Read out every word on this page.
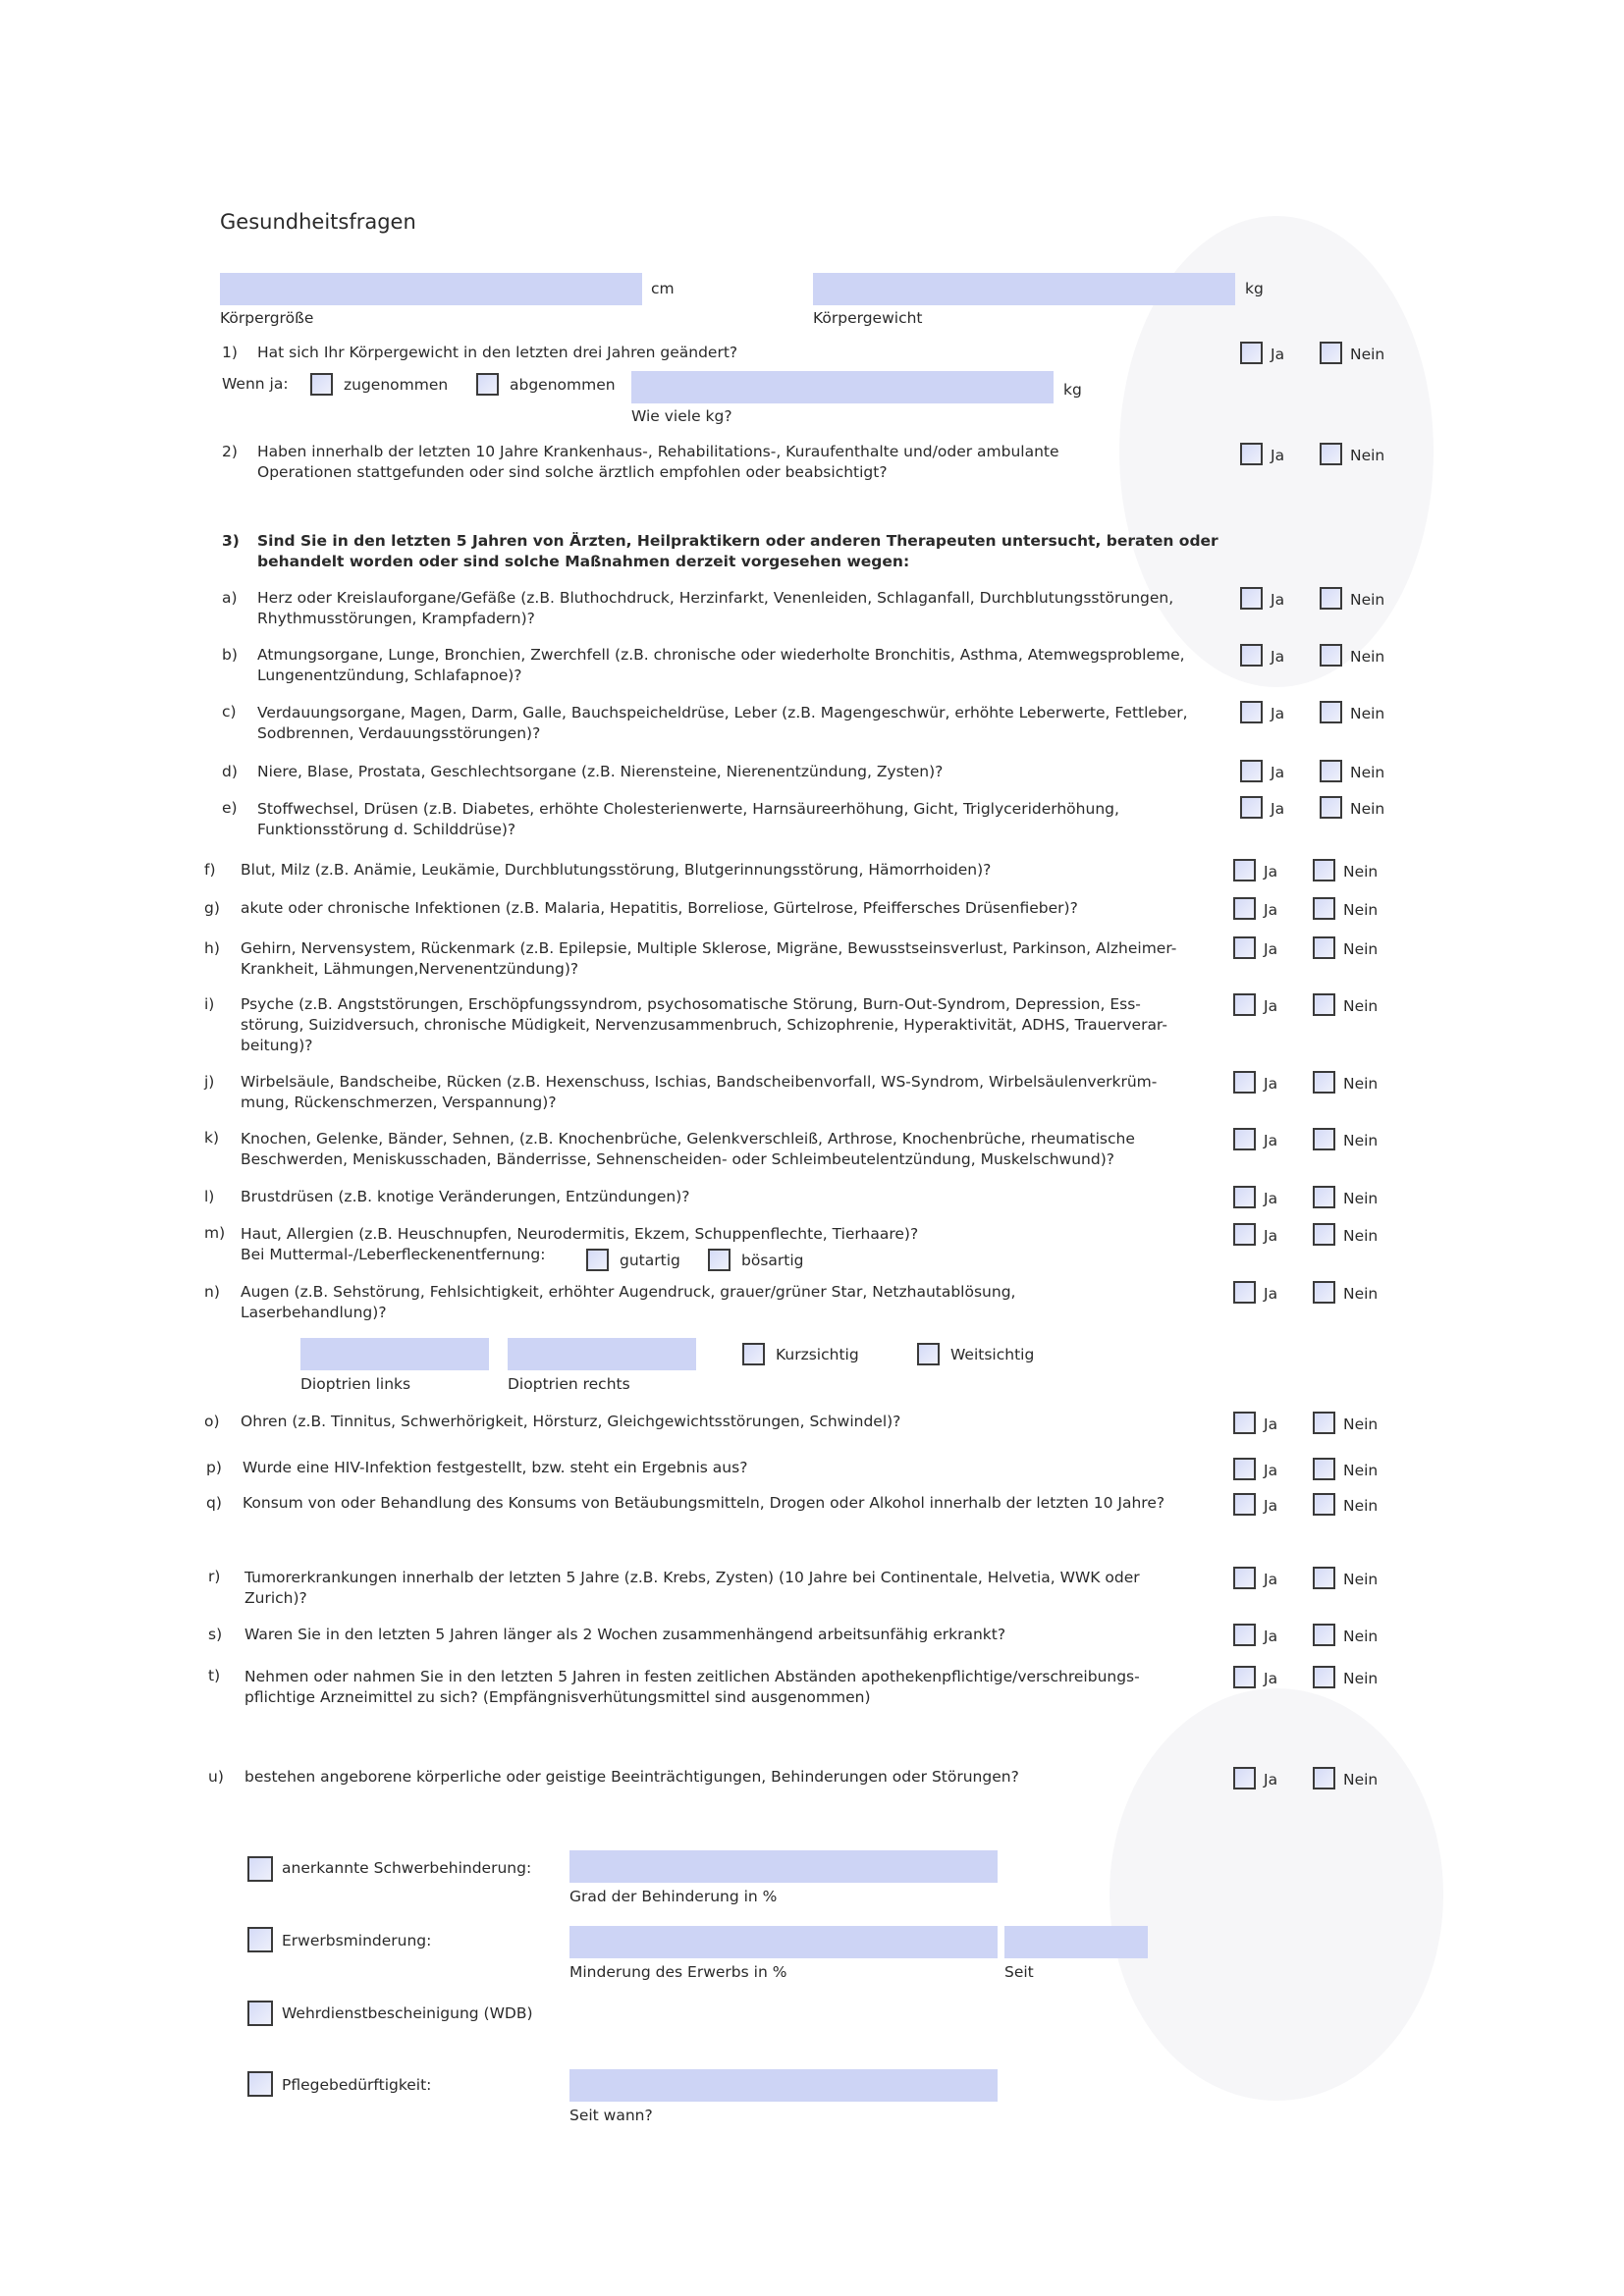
Gesundheitsfragen
cm
Körpergröße
kg
Körpergewicht
1) Hat sich Ihr Körpergewicht in den letzten drei Jahren geändert?	Ja	Nein
Wenn ja:	zugenommen	abgenommen	kg
Wie viele kg?
2) Haben innerhalb der letzten 10 Jahre Krankenhaus-, Rehabilitations-, Kuraufenthalte und/oder ambulante
Operationen stattgefunden oder sind solche ärztlich empfohlen oder beabsichtigt?
Ja	Nein
3) Sind Sie in den letzten 5 Jahren von Ärzten, Heilpraktikern oder anderen Therapeuten untersucht, beraten oder
behandelt worden oder sind solche Maßnahmen derzeit vorgesehen wegen:
a) Herz oder Kreislauforgane/Gefäße (z.B. Bluthochdruck, Herzinfarkt, Venenleiden, Schlaganfall, Durchblutungsstörungen,
Rhythmusstörungen, Krampfadern)?
Ja	Nein
b) Atmungsorgane, Lunge, Bronchien, Zwerchfell (z.B. chronische oder wiederholte Bronchitis, Asthma, Atemwegsprobleme,
Lungenentzündung, Schlafapnoe)?
Ja	Nein
c) Verdauungsorgane, Magen, Darm, Galle, Bauchspeicheldrüse, Leber (z.B. Magengeschwür, erhöhte Leberwerte, Fettleber,
Sodbrennen, Verdauungsstörungen)?
Ja	Nein
d) Niere, Blase, Prostata, Geschlechtsorgane (z.B. Nierensteine, Nierenentzündung, Zysten)?	Ja	Nein
e) Stoffwechsel, Drüsen (z.B. Diabetes, erhöhte Cholesterienwerte, Harnsäureerhöhung, Gicht, Triglyceriderhöhung,
Funktionsstörung d. Schilddrüse)?
Ja	Nein
f) Blut, Milz (z.B. Anämie, Leukämie, Durchblutungsstörung, Blutgerinnungsstörung, Hämorrhoiden)?	Ja	Nein
g) akute oder chronische Infektionen (z.B. Malaria, Hepatitis, Borreliose, Gürtelrose, Pfeiffersches Drüsenfieber)?	Ja	Nein
h) Gehirn, Nervensystem, Rückenmark (z.B. Epilepsie, Multiple Sklerose, Migräne, Bewusstseinsverlust, Parkinson, Alzheimer-
Krankheit, Lähmungen,Nervenentzündung)?
Ja	Nein
i) Psyche (z.B. Angststörungen, Erschöpfungssyndrom, psychosomatische Störung, Burn-Out-Syndrom, Depression, Ess-
störung, Suizidversuch, chronische Müdigkeit, Nervenzusammenbruch, Schizophrenie, Hyperaktivität, ADHS, Trauerverar-
beitung)?
Ja	Nein
j) Wirbelsäule, Bandscheibe, Rücken (z.B. Hexenschuss, Ischias, Bandscheibenvorfall, WS-Syndrom, Wirbelsäulenverkrüm-
mung, Rückenschmerzen, Verspannung)?
Ja	Nein
k) Knochen, Gelenke, Bänder, Sehnen, (z.B. Knochenbrüche, Gelenkverschleiß, Arthrose, Knochenbrüche, rheumatische
Beschwerden, Meniskusschaden, Bänderrisse, Sehnenscheiden- oder Schleimbeutelentzündung, Muskelschwund)?
Ja	Nein
l) Brustdrüsen (z.B. knotige Veränderungen, Entzündungen)?	Ja	Nein
m) Haut, Allergien (z.B. Heuschnupfen, Neurodermitis, Ekzem, Schuppenflechte, Tierhaare)?
Bei Muttermal-/Leberfleckenentfernung:	gutartig	bösartig
Ja	Nein
n) Augen (z.B. Sehstörung, Fehlsichtigkeit, erhöhter Augendruck, grauer/grüner Star, Netzhautablösung,
Laserbehandlung)?
Ja	Nein
Dioptrien links	Dioptrien rechts
Kurzsichtig	Weitsichtig
o) Ohren (z.B. Tinnitus, Schwerhörigkeit, Hörsturz, Gleichgewichtsstörungen, Schwindel)?	Ja	Nein
p) Wurde eine HIV-Infektion festgestellt, bzw. steht ein Ergebnis aus?	Ja	Nein
q) Konsum von oder Behandlung des Konsums von Betäubungsmitteln, Drogen oder Alkohol innerhalb der letzten 10 Jahre?	Ja	Nein
r) Tumorerkrankungen innerhalb der letzten 5 Jahre (z.B. Krebs, Zysten) (10 Jahre bei Continentale, Helvetia, WWK oder
Zurich)?
Ja	Nein
s) Waren Sie in den letzten 5 Jahren länger als 2 Wochen zusammenhängend arbeitsunfähig erkrankt?	Ja	Nein
t) Nehmen oder nahmen Sie in den letzten 5 Jahren in festen zeitlichen Abständen apothekenpflichtige/verschreibungs-
pflichtige Arzneimittel zu sich? (Empfängnisverhütungsmittel sind ausgenommen)
Ja	Nein
u) bestehen angeborene körperliche oder geistige Beeinträchtigungen, Behinderungen oder Störungen?	Ja	Nein
anerkannte Schwerbehinderung:
Grad der Behinderung in %
Erwerbsminderung:
Minderung des Erwerbs in %	Seit
Wehrdienstbescheinigung (WDB)
Pflegebedürftigkeit:
Seit wann?
